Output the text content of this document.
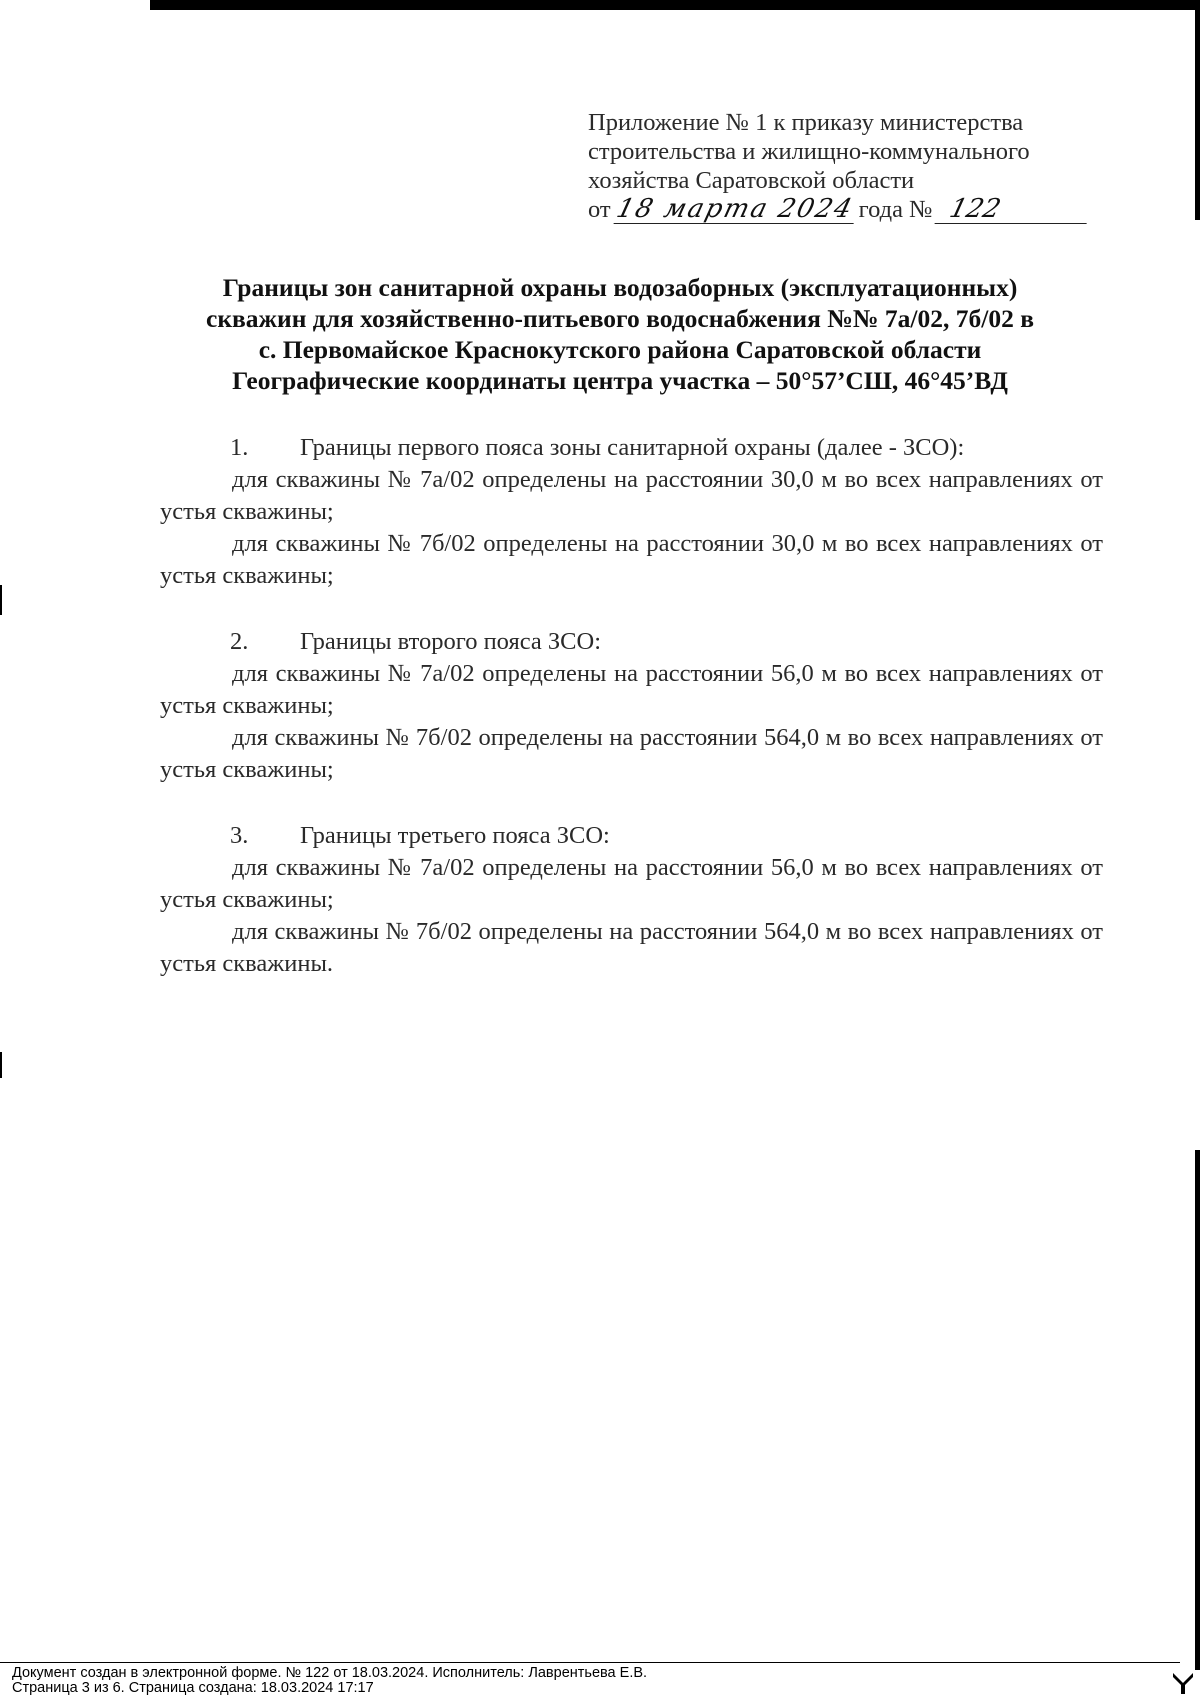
Приложение № 1 к приказу министерства
строительства и жилищно-коммунального
хозяйства Саратовской области
от 18 марта 2024 года № 122
Границы зон санитарной охраны водозаборных (эксплуатационных)
скважин для хозяйственно-питьевого водоснабжения №№ 7а/02, 7б/02 в
с. Первомайское Краснокутского района Саратовской области
Географические координаты центра участка – 50°57’СШ, 46°45’ВД
1. Границы первого пояса зоны санитарной охраны (далее - ЗСО):

для скважины № 7а/02 определены на расстоянии 30,0 м во всех направлениях от устья скважины;

для скважины № 7б/02 определены на расстоянии 30,0 м во всех направлениях от устья скважины;

2. Границы второго пояса ЗСО:

для скважины № 7а/02 определены на расстоянии 56,0 м во всех направлениях от устья скважины;

для скважины № 7б/02 определены на расстоянии 564,0 м во всех направлениях от устья скважины;

3. Границы третьего пояса ЗСО:

для скважины № 7а/02 определены на расстоянии 56,0 м во всех направлениях от устья скважины;

для скважины № 7б/02 определены на расстоянии 564,0 м во всех направлениях от устья скважины.

Документ создан в электронной форме. № 122 от 18.03.2024. Исполнитель: Лаврентьева Е.В.
Страница 3 из 6. Страница создана: 18.03.2024 17:17
